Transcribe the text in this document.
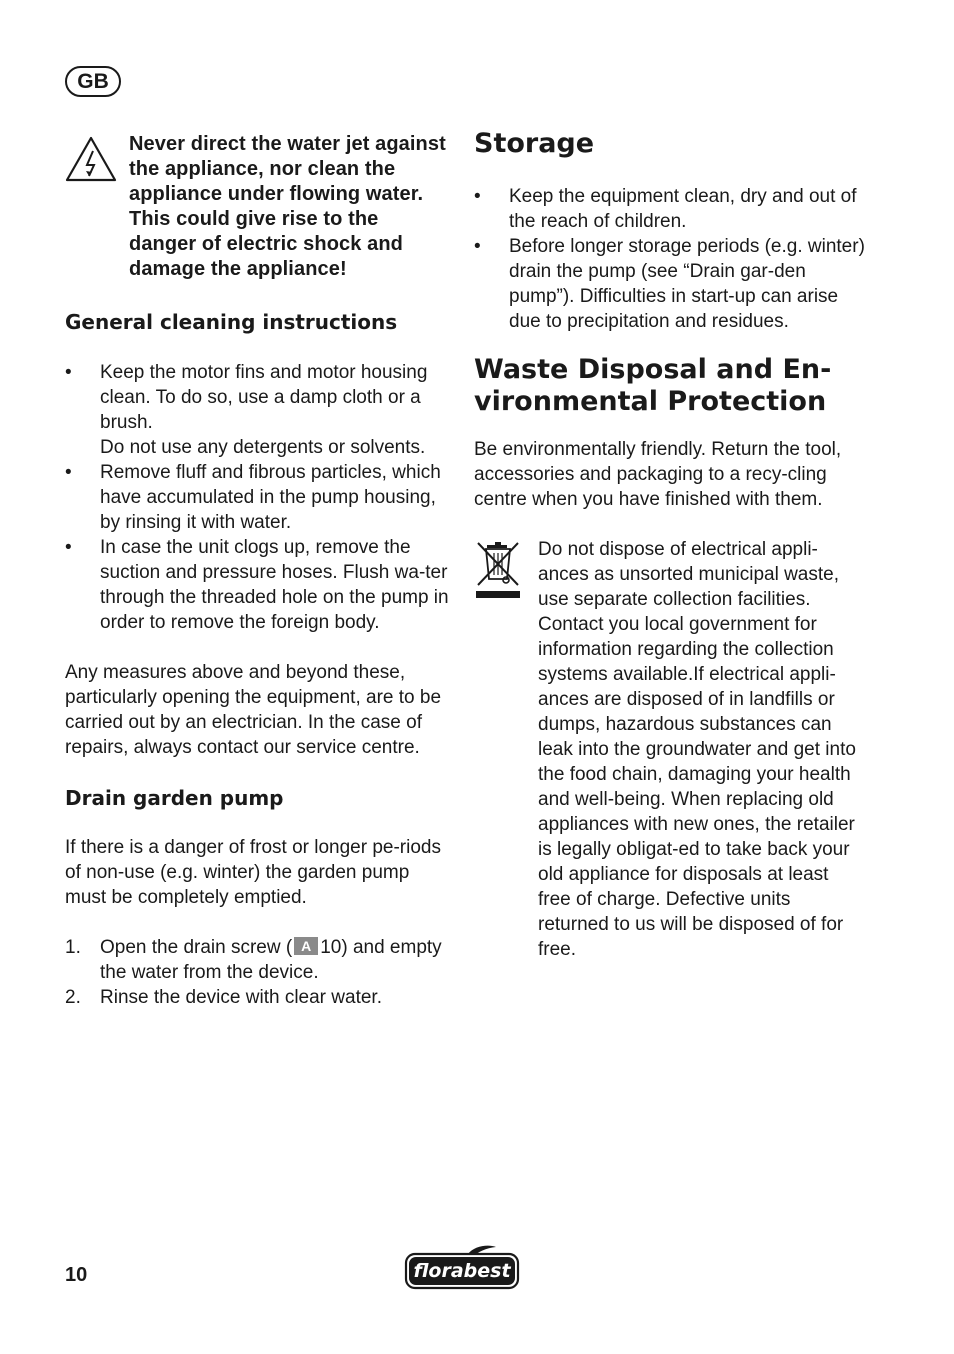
GB

Never direct the water jet against the appliance, nor clean the appliance under flowing water. This could give rise to the danger of electric shock and damage the appliance!

General cleaning instructions
• Keep the motor fins and motor housing clean. To do so, use a damp cloth or a brush.
Do not use any detergents or solvents.
• Remove fluff and fibrous particles, which have accumulated in the pump housing, by rinsing it with water.
• In case the unit clogs up, remove the suction and pressure hoses. Flush wa-ter through the threaded hole on the pump in order to remove the foreign body.

Any measures above and beyond these, particularly opening the equipment, are to be carried out by an electrician. In the case of repairs, always contact our service centre.

Drain garden pump

If there is a danger of frost or longer pe-riods of non-use (e.g. winter) the garden pump must be completely emptied.

1. Open the drain screw ( A 10) and empty the water from the device.
2. Rinse the device with clear water.
Storage
• Keep the equipment clean, dry and out of the reach of children.
• Before longer storage periods (e.g. winter) drain the pump (see “Drain gar-den pump”). Difficulties in start-up can arise due to precipitation and residues.
Waste Disposal and En-vironmental Protection

Be environmentally friendly. Return the tool, accessories and packaging to a recy-cling centre when you have finished with them.

Do not dispose of electrical appli-ances as unsorted municipal waste, use separate collection facilities. Contact you local government for information regarding the collection systems available.If electrical appli-ances are disposed of in landfills or dumps, hazardous substances can leak into the groundwater and get into the food chain, damaging your health and well-being. When replacing old appliances with new ones, the retailer is legally obligat-ed to take back your old appliance for disposals at least free of charge. Defective units returned to us will be disposed of for free.

10	florabest
